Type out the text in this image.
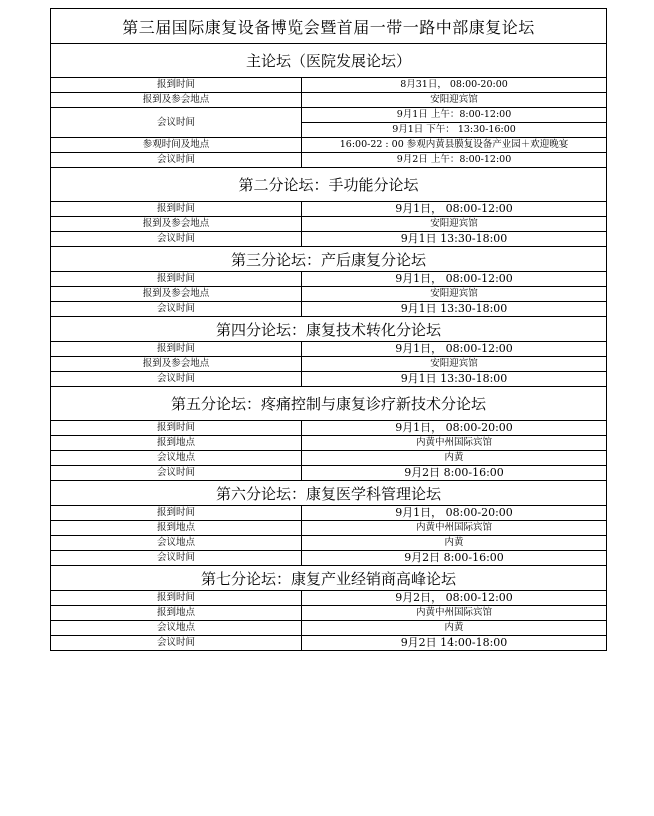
第三届国际康复设备博览会暨首届一带一路中部康复论坛	
主论坛（医院发展论坛）	
报到时间	8月31日， 08:00-20:00
报到及参会地点	安阳迎宾馆
会议时间	9月1日 上午：8:00-12:00
	9月1日 下午： 13:30-16:00
参观时间及地点	16:00-22 : 00 参观内黄县膜复设备产业园＋欢迎晚宴
会议时间	9月2日 上午：8:00-12:00
第二分论坛：手功能分论坛	
报到时间	9月1日， 08:00-12:00
报到及参会地点	安阳迎宾馆
会议时间	9月1日 13:30-18:00
第三分论坛：产后康复分论坛	
报到时间	9月1日， 08:00-12:00
报到及参会地点	安阳迎宾馆
会议时间	9月1日 13:30-18:00
第四分论坛：康复技术转化分论坛	
报到时间	9月1日， 08:00-12:00
报到及参会地点	安阳迎宾馆
会议时间	9月1日 13:30-18:00
第五分论坛：疼痛控制与康复诊疗新技术分论坛	
报到时间	9月1日， 08:00-20:00
报到地点	内黄中州国际宾馆
会议地点	内黄
会议时间	9月2日 8:00-16:00
第六分论坛：康复医学科管理论坛	
报到时间	9月1日， 08:00-20:00
报到地点	内黄中州国际宾馆
会议地点	内黄
会议时间	9月2日 8:00-16:00
第七分论坛：康复产业经销商高峰论坛	
报到时间	9月2日， 08:00-12:00
报到地点	内黄中州国际宾馆
会议地点	内黄
会议时间	9月2日 14:00-18:00
